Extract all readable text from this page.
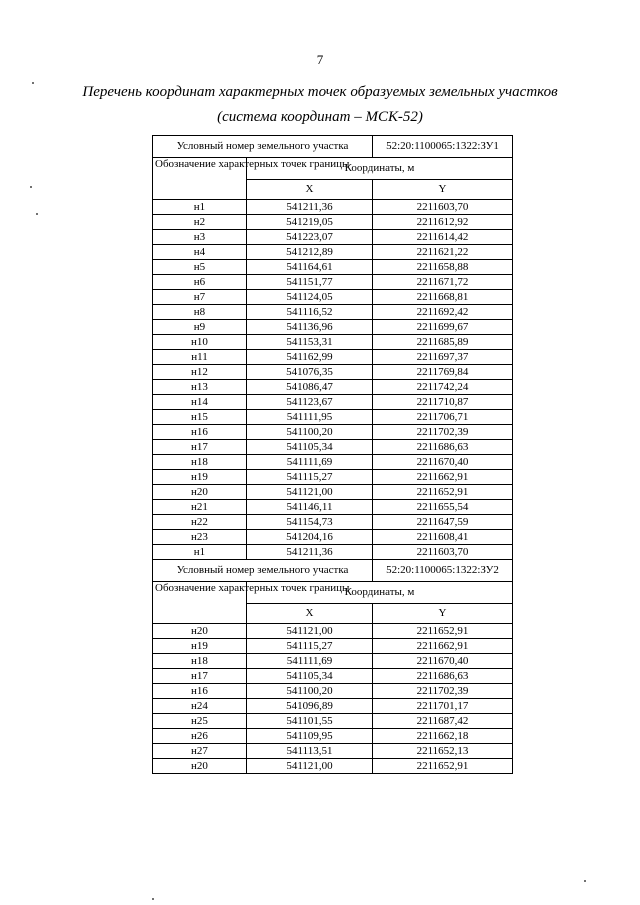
7
Перечень координат характерных точек образуемых земельных участков
(система координат – МСК-52)
Условный номер земельного участка		52:20:1100065:1322:ЗУ1
Обозначение характерных точек границы	Координаты, м	
	X	Y
н1	541211,36	2211603,70
н2	541219,05	2211612,92
н3	541223,07	2211614,42
н4	541212,89	2211621,22
н5	541164,61	2211658,88
н6	541151,77	2211671,72
н7	541124,05	2211668,81
н8	541116,52	2211692,42
н9	541136,96	2211699,67
н10	541153,31	2211685,89
н11	541162,99	2211697,37
н12	541076,35	2211769,84
н13	541086,47	2211742,24
н14	541123,67	2211710,87
н15	541111,95	2211706,71
н16	541100,20	2211702,39
н17	541105,34	2211686,63
н18	541111,69	2211670,40
н19	541115,27	2211662,91
н20	541121,00	2211652,91
н21	541146,11	2211655,54
н22	541154,73	2211647,59
н23	541204,16	2211608,41
н1	541211,36	2211603,70
Условный номер земельного участка		52:20:1100065:1322:ЗУ2
Обозначение характерных точек границы	Координаты, м	
	X	Y
н20	541121,00	2211652,91
н19	541115,27	2211662,91
н18	541111,69	2211670,40
н17	541105,34	2211686,63
н16	541100,20	2211702,39
н24	541096,89	2211701,17
н25	541101,55	2211687,42
н26	541109,95	2211662,18
н27	541113,51	2211652,13
н20	541121,00	2211652,91
